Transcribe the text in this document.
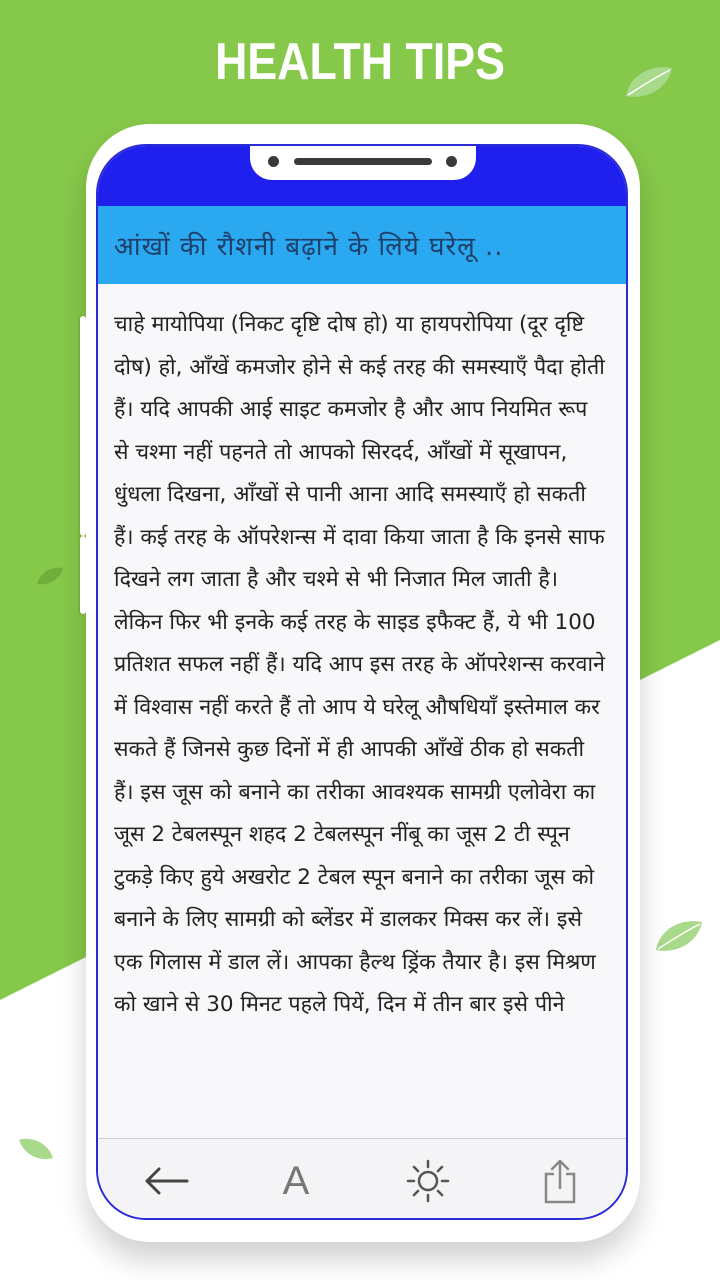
HEALTH TIPS
आंखों की रौशनी बढ़ाने के लिये घरेलू ..

चाहे मायोपिया (निकट दृष्टि दोष हो) या हायपरोपिया (दूर दृष्टि दोष) हो, आँखें कमजोर होने से कई तरह की समस्याएँ पैदा होती हैं। यदि आपकी आई साइट कमजोर है और आप नियमित रूप से चश्मा नहीं पहनते तो आपको सिरदर्द, आँखों में सूखापन, धुंधला दिखना, आँखों से पानी आना आदि समस्याएँ हो सकती हैं। कई तरह के ऑपरेशन्स में दावा किया जाता है कि इनसे साफ दिखने लग जाता है और चश्मे से भी निजात मिल जाती है। लेकिन फिर भी इनके कई तरह के साइड इफैक्ट हैं, ये भी 100 प्रतिशत सफल नहीं हैं। यदि आप इस तरह के ऑपरेशन्स करवाने में विश्वास नहीं करते हैं तो आप ये घरेलू औषधियाँ इस्तेमाल कर सकते हैं जिनसे कुछ दिनों में ही आपकी आँखें ठीक हो सकती हैं। इस जूस को बनाने का तरीका आवश्यक सामग्री एलोवेरा का जूस 2 टेबलस्पून शहद 2 टेबलस्पून नींबू का जूस 2 टी स्पून टुकड़े किए हुये अखरोट 2 टेबल स्पून बनाने का तरीका जूस को बनाने के लिए सामग्री को ब्लेंडर में डालकर मिक्स कर लें। इसे एक गिलास में डाल लें। आपका हैल्थ ड्रिंक तैयार है। इस मिश्रण को खाने से 30 मिनट पहले पियें, दिन में तीन बार इसे पीने

A
